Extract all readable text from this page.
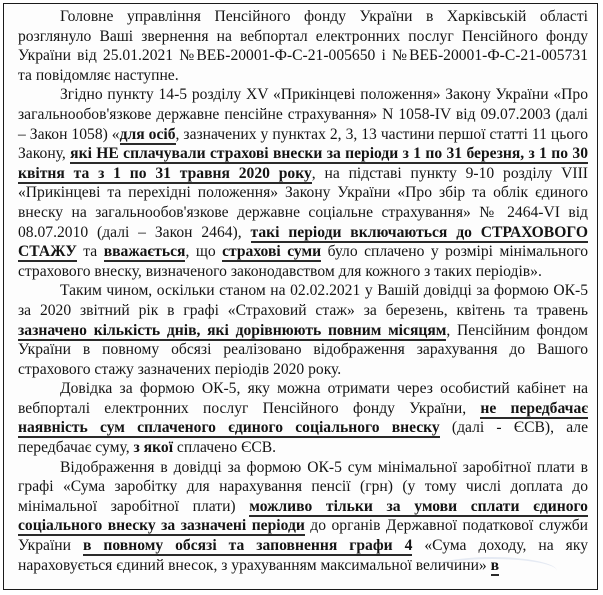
Головне управління Пенсійного фонду України в Харківській області розглянуло Ваші звернення на вебпортал електронних послуг Пенсійного фонду України від 25.01.2021 №ВЕБ-20001-Ф-С-21-005650 і №ВЕБ-20001-Ф-С-21-005731 та повідомляє наступне.

Згідно пункту 14-5 розділу XV «Прикінцеві положення» Закону України «Про загальнообов'язкове державне пенсійне страхування» N 1058-IV від 09.07.2003 (далі – Закон 1058) «для осіб, зазначених у пунктах 2, 3, 13 частини першої статті 11 цього Закону, які НЕ сплачували страхові внески за періоди з 1 по 31 березня, з 1 по 30 квітня та з 1 по 31 травня 2020 року, на підставі пункту 9-10 розділу VIII «Прикінцеві та перехідні положення» Закону України «Про збір та облік єдиного внеску на загальнообов'язкове державне соціальне страхування» № 2464-VI від 08.07.2010 (далі – Закон 2464), такі періоди включаються до СТРАХОВОГО СТАЖУ та вважається, що страхові суми було сплачено у розмірі мінімального страхового внеску, визначеного законодавством для кожного з таких періодів».

Таким чином, оскільки станом на 02.02.2021 у Вашій довідці за формою ОК-5 за 2020 звітний рік в графі «Страховий стаж» за березень, квітень та травень зазначено кількість днів, які дорівнюють повним місяцям, Пенсійним фондом України в повному обсязі реалізовано відображення зарахування до Вашого страхового стажу зазначених періодів 2020 року.

Довідка за формою ОК-5, яку можна отримати через особистий кабінет на вебпорталі електронних послуг Пенсійного фонду України, не передбачає наявність сум сплаченого єдиного соціального внеску (далі - ЄСВ), але передбачає суму, з якої сплачено ЄСВ.

Відображення в довідці за формою ОК-5 сум мінімальної заробітної плати в графі «Сума заробітку для нарахування пенсії (грн) (у тому числі доплата до мінімальної заробітної плати) можливо тільки за умови сплати єдиного соціального внеску за зазначені періоди до органів Державної податкової служби України в повному обсязі та заповнення графи 4 «Сума доходу, на яку нараховується єдиний внесок, з урахуванням максимальної величини» в
